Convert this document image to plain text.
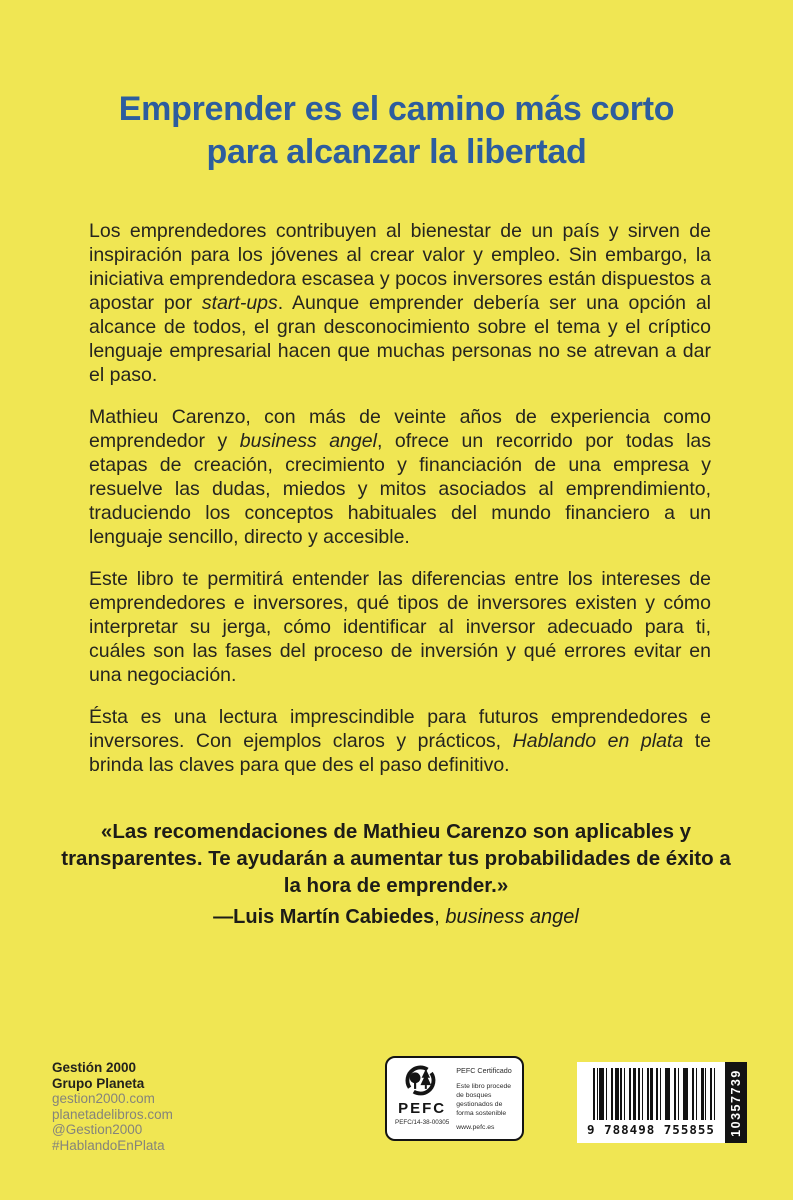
Emprender es el camino más corto
para alcanzar la libertad

Los emprendedores contribuyen al bienestar de un país y sirven de inspiración para los jóvenes al crear valor y empleo. Sin embargo, la iniciativa emprendedora escasea y pocos inversores están dispuestos a apostar por start-ups. Aunque emprender debería ser una opción al alcance de todos, el gran desconocimiento sobre el tema y el críptico lenguaje empresarial hacen que muchas personas no se atrevan a dar el paso.

Mathieu Carenzo, con más de veinte años de experiencia como emprendedor y business angel, ofrece un recorrido por todas las etapas de creación, crecimiento y financiación de una empresa y resuelve las dudas, miedos y mitos asociados al emprendimiento, traduciendo los conceptos habituales del mundo financiero a un lenguaje sencillo, directo y accesible.

Este libro te permitirá entender las diferencias entre los intereses de emprendedores e inversores, qué tipos de inversores existen y cómo interpretar su jerga, cómo identificar al inversor adecuado para ti, cuáles son las fases del proceso de inversión y qué errores evitar en una negociación.

Ésta es una lectura imprescindible para futuros emprendedores e inversores. Con ejemplos claros y prácticos, Hablando en plata te brinda las claves para que des el paso definitivo.

«Las recomendaciones de Mathieu Carenzo son aplicables y transparentes. Te ayudarán a aumentar tus probabilidades de éxito a la hora de emprender.»

—Luis Martín Cabiedes, business angel

Gestión 2000
Grupo Planeta
gestion2000.com
planetadelibros.com
@Gestion2000
#HablandoEnPlata
PEFC
PEFC/14-38-00305
PEFC Certificado
Este libro procede de bosques gestionados de forma sostenible
www.pefc.es	9 788498 755855	10357739
